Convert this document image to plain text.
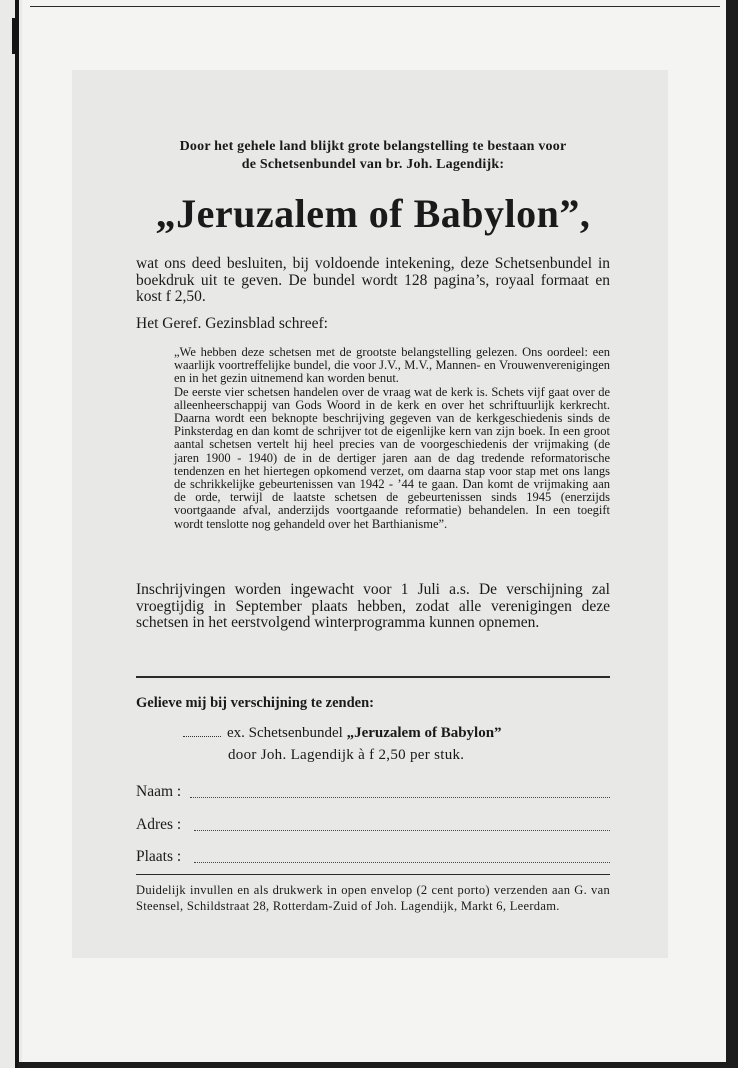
Door het gehele land blijkt grote belangstelling te bestaan voor
de Schetsenbundel van br. Joh. Lagendijk:
„Jeruzalem of Babylon”,

wat ons deed besluiten, bij voldoende intekening, deze Schetsenbundel in boekdruk uit te geven. De bundel wordt 128 pagina’s, royaal formaat en kost f 2,50.

Het Geref. Gezinsblad schreef:

„We hebben deze schetsen met de grootste belangstelling gelezen. Ons oordeel: een waarlijk voortreffelijke bundel, die voor J.V., M.V., Mannen- en Vrouwenverenigingen en in het gezin uitnemend kan worden benut.

De eerste vier schetsen handelen over de vraag wat de kerk is. Schets vijf gaat over de alleenheerschappij van Gods Woord in de kerk en over het schriftuurlijk kerkrecht. Daarna wordt een beknopte beschrijving gegeven van de kerkgeschiedenis sinds de Pinksterdag en dan komt de schrijver tot de eigenlijke kern van zijn boek. In een groot aantal schetsen vertelt hij heel precies van de voorgeschiedenis der vrijmaking (de jaren 1900 - 1940) de in de dertiger jaren aan de dag tredende reformatorische tendenzen en het hiertegen opkomend verzet, om daarna stap voor stap met ons langs de schrikkelijke gebeurtenissen van 1942 - ’44 te gaan. Dan komt de vrijmaking aan de orde, terwijl de laatste schetsen de gebeurtenissen sinds 1945 (enerzijds voortgaande afval, anderzijds voortgaande reformatie) behandelen. In een toegift wordt tenslotte nog gehandeld over het Barthianisme”.

Inschrijvingen worden ingewacht voor 1 Juli a.s. De verschijning zal vroegtijdig in September plaats hebben, zodat alle verenigingen deze schetsen in het eerstvolgend winterprogramma kunnen opnemen.

Gelieve mij bij verschijning te zenden:
ex. Schetsenbundel „Jeruzalem of Babylon”
door Joh. Lagendijk à f 2,50 per stuk.
Naam :
Adres :
Plaats :

Duidelijk invullen en als drukwerk in open envelop (2 cent porto) verzenden aan G. van Steensel, Schildstraat 28, Rotterdam-Zuid of Joh. Lagendijk, Markt 6, Leerdam.
